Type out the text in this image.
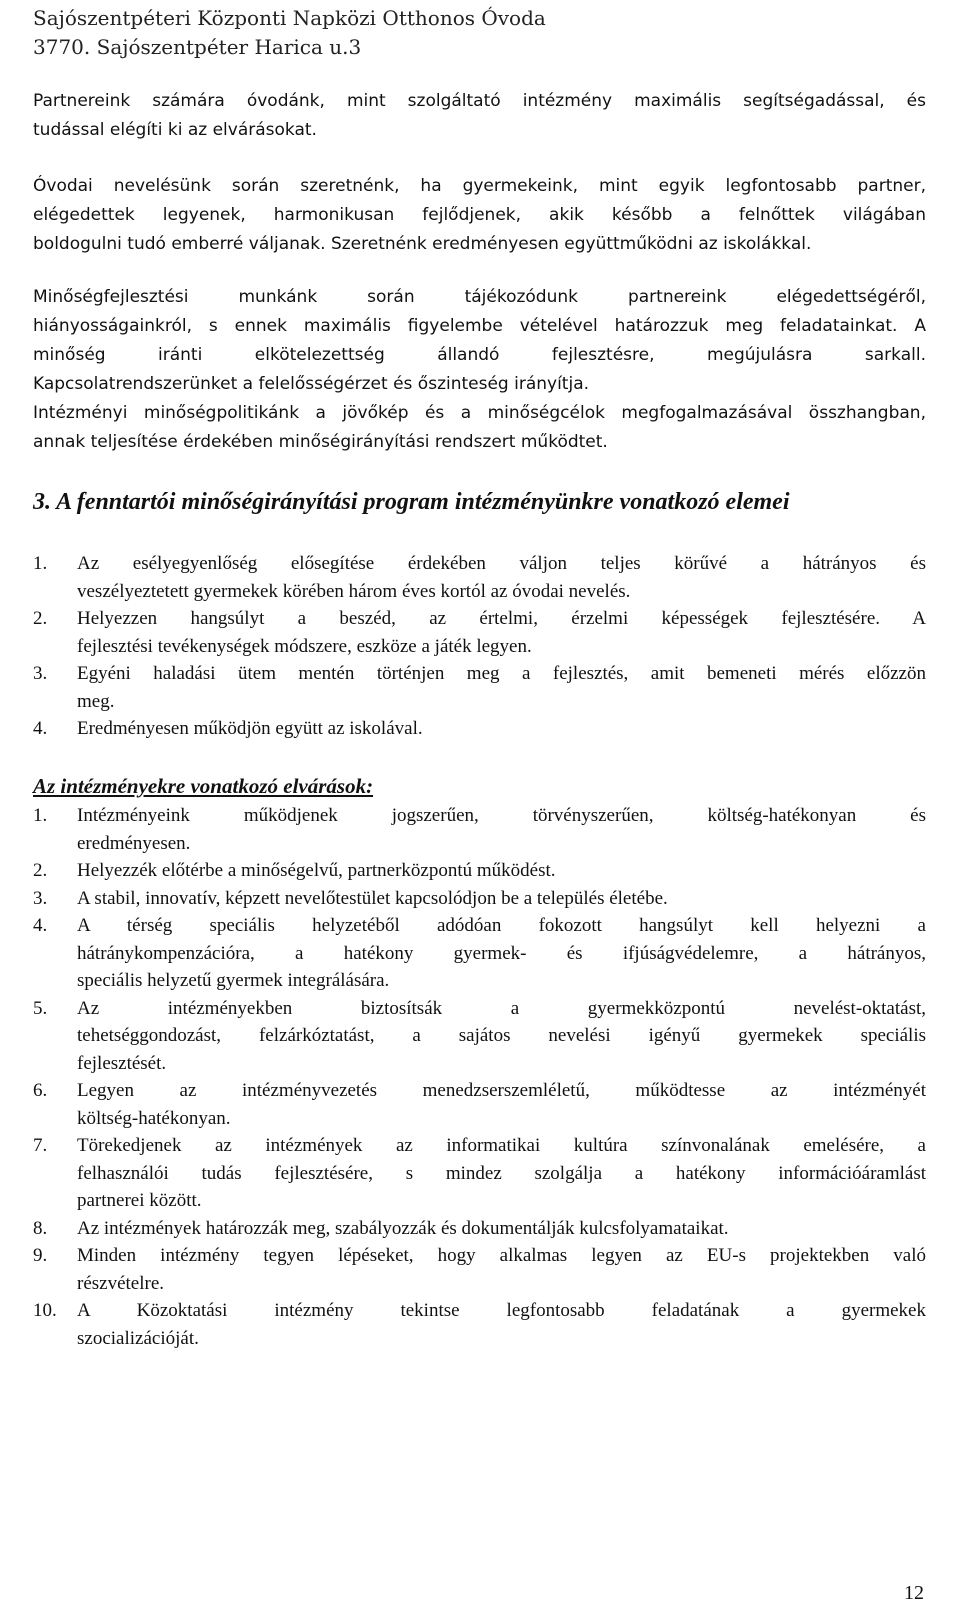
Sajószentpéteri Központi Napközi Otthonos Óvoda
3770. Sajószentpéter Harica u.3

Partnereink számára óvodánk, mint szolgáltató intézmény maximális segítségadással, és
tudással elégíti ki az elvárásokat.

Óvodai nevelésünk során szeretnénk, ha gyermekeink, mint egyik legfontosabb partner,
elégedettek legyenek, harmonikusan fejlődjenek, akik később a felnőttek világában
boldogulni tudó emberré váljanak. Szeretnénk eredményesen együttműködni az iskolákkal.

Minőségfejlesztési munkánk során tájékozódunk partnereink elégedettségéről,
hiányosságainkról, s ennek maximális figyelembe vételével határozzuk meg feladatainkat. A
minőség iránti elkötelezettség állandó fejlesztésre, megújulásra sarkall.
Kapcsolatrendszerünket a felelősségérzet és őszinteség irányítja.
Intézményi minőségpolitikánk a jövőkép és a minőségcélok megfogalmazásával összhangban,
annak teljesítése érdekében minőségirányítási rendszert működtet.

3. A fenntartói minőségirányítási program intézményünkre vonatkozó elemei
1.	Az esélyegyenlőség elősegítése érdekében váljon teljes körűvé a hátrányos és
veszélyeztetett gyermekek körében három éves kortól az óvodai nevelés.
2.	Helyezzen hangsúlyt a beszéd, az értelmi, érzelmi képességek fejlesztésére. A
fejlesztési tevékenységek módszere, eszköze a játék legyen.
3.	Egyéni haladási ütem mentén történjen meg a fejlesztés, amit bemeneti mérés előzzön
meg.
4.	Eredményesen működjön együtt az iskolával.
Az intézményekre vonatkozó elvárások:
1.	Intézményeink működjenek jogszerűen, törvényszerűen, költség-hatékonyan és
eredményesen.
2.	Helyezzék előtérbe a minőségelvű, partnerközpontú működést.
3.	A stabil, innovatív, képzett nevelőtestület kapcsolódjon be a település életébe.
4.	A térség speciális helyzetéből adódóan fokozott hangsúlyt kell helyezni a
hátránykompenzációra, a hatékony gyermek- és ifjúságvédelemre, a hátrányos,
speciális helyzetű gyermek integrálására.
5.	Az intézményekben biztosítsák a gyermekközpontú nevelést-oktatást,
tehetséggondozást, felzárkóztatást, a sajátos nevelési igényű gyermekek speciális
fejlesztését.
6.	Legyen az intézményvezetés menedzserszemléletű, működtesse az intézményét
költség-hatékonyan.
7.	Törekedjenek az intézmények az informatikai kultúra színvonalának emelésére, a
felhasználói tudás fejlesztésére, s mindez szolgálja a hatékony információáramlást
partnerei között.
8.	Az intézmények határozzák meg, szabályozzák és dokumentálják kulcsfolyamataikat.
9.	Minden intézmény tegyen lépéseket, hogy alkalmas legyen az EU-s projektekben való
részvételre.
10.	A Közoktatási intézmény tekintse legfontosabb feladatának a gyermekek
szocializációját.
12
